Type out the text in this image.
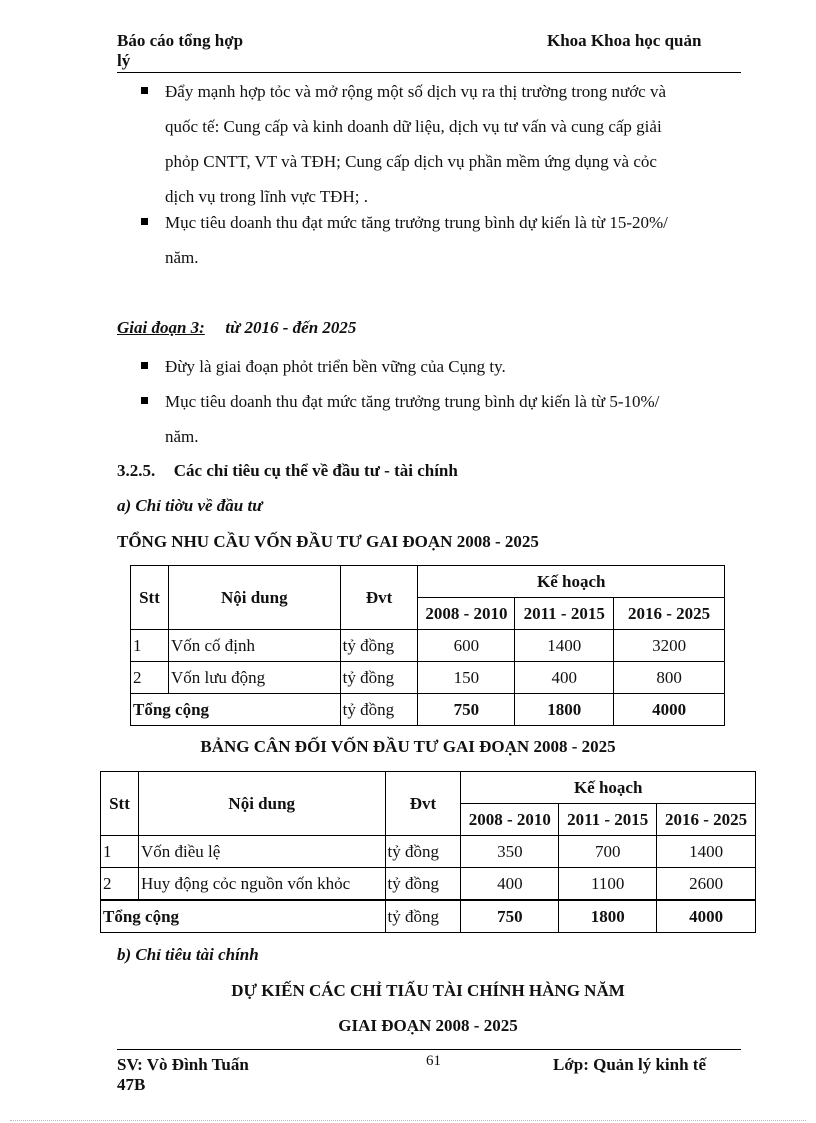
Báo cáo tổng hợp
lý
Khoa Khoa học quản
Đẩy mạnh hợp tỏc và mở rộng một số dịch vụ ra thị trường trong nước và
quốc tế: Cung cấp và kinh doanh dữ liệu, dịch vụ tư vấn và cung cấp giải
phỏp CNTT, VT và TĐH; Cung cấp dịch vụ phần mềm ứng dụng và cỏc
dịch vụ trong lĩnh vực TĐH; .
Mục tiêu doanh thu đạt mức tăng trưởng trung bình dự kiến là từ 15-20%/
năm.
Giai đoạn 3: từ 2016 - đến 2025
Đừy là giai đoạn phỏt triển bền vững của Cụng ty.
Mục tiêu doanh thu đạt mức tăng trưởng trung bình dự kiến là từ 5-10%/
năm.
3.2.5. Các chỉ tiêu cụ thể về đầu tư - tài chính
a) Chỉ tiờu về đầu tư
TỔNG NHU CẦU VỐN ĐẦU TƯ GAI ĐOẠN 2008 - 2025
Stt	Nội dung	Đvt	Kế hoạch		
			2008 - 2010	2011 - 2015	2016 - 2025
1	Vốn cố định	tỷ đồng	600	1400	3200
2	Vốn lưu động	tỷ đồng	150	400	800
Tổng cộng		tỷ đồng	750	1800	4000
BẢNG CÂN ĐỐI VỐN ĐẦU TƯ GAI ĐOẠN 2008 - 2025
Stt	Nội dung	Đvt	Kế hoạch		
			2008 - 2010	2011 - 2015	2016 - 2025
1	Vốn điều lệ	tỷ đồng	350	700	1400
2	Huy động cỏc nguồn vốn khỏc	tỷ đồng	400	1100	2600
Tổng cộng		tỷ đồng	750	1800	4000
b) Chỉ tiêu tài chính
DỰ KIẾN CÁC CHỈ TIẤU TÀI CHÍNH HÀNG NĂM
GIAI ĐOẠN 2008 - 2025
SV: Vò Đình Tuấn
47B
61	Lớp: Quản lý kinh tế
